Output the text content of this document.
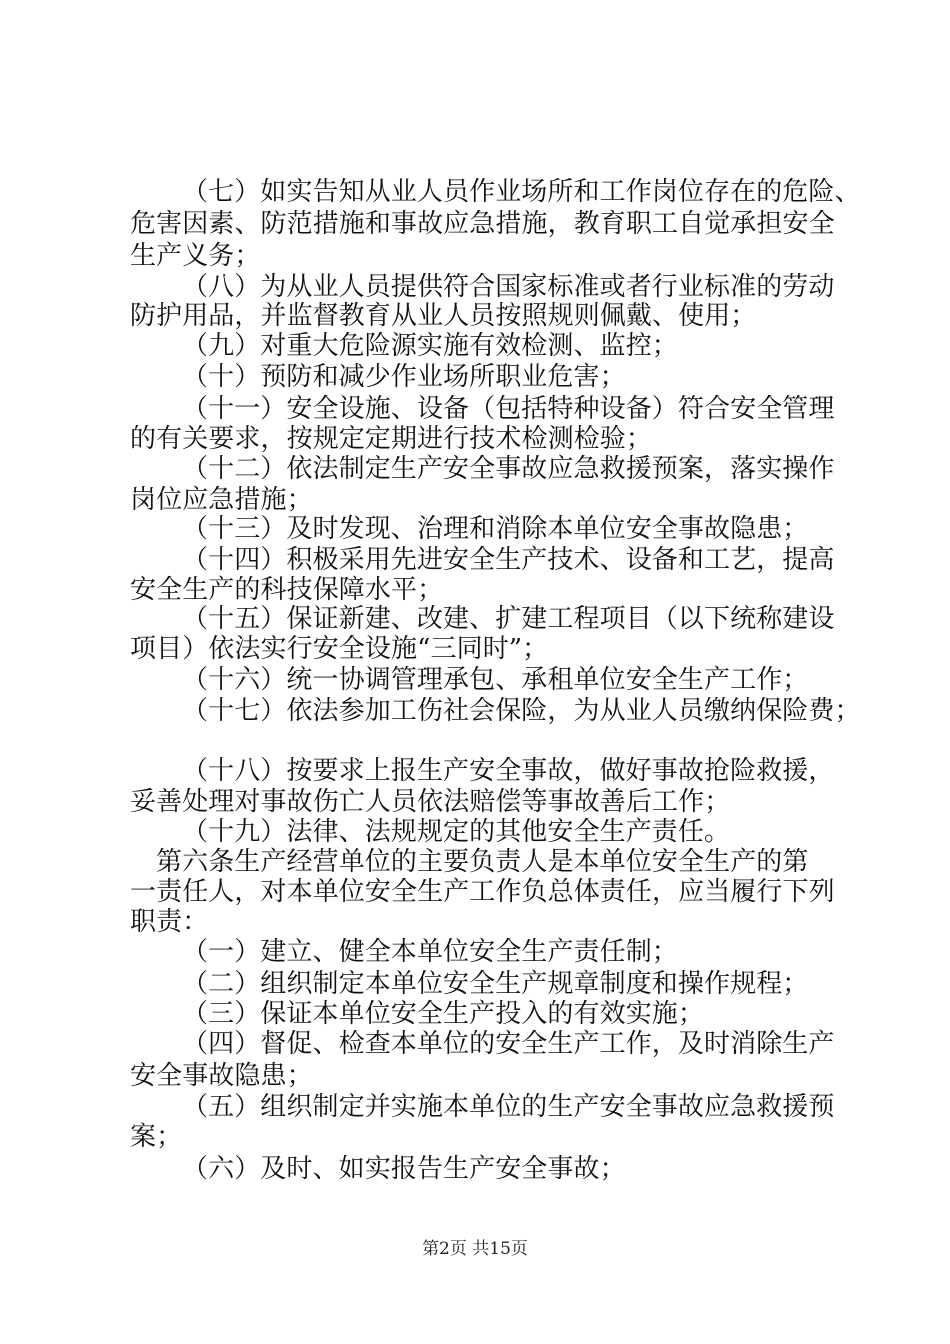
（七）如实告知从业人员作业场所和工作岗位存在的危险、
危害因素、防范措施和事故应急措施，教育职工自觉承担安全
生产义务；
（八）为从业人员提供符合国家标准或者行业标准的劳动
防护用品，并监督教育从业人员按照规则佩戴、使用；
（九）对重大危险源实施有效检测、监控；
（十）预防和减少作业场所职业危害；
（十一）安全设施、设备（包括特种设备）符合安全管理
的有关要求，按规定定期进行技术检测检验；
（十二）依法制定生产安全事故应急救援预案，落实操作
岗位应急措施；
（十三）及时发现、治理和消除本单位安全事故隐患；
（十四）积极采用先进安全生产技术、设备和工艺，提高
安全生产的科技保障水平；
（十五）保证新建、改建、扩建工程项目（以下统称建设
项目）依法实行安全设施“三同时”；
（十六）统一协调管理承包、承租单位安全生产工作；
（十七）依法参加工伤社会保险，为从业人员缴纳保险费；
（十八）按要求上报生产安全事故，做好事故抢险救援，
妥善处理对事故伤亡人员依法赔偿等事故善后工作；
（十九）法律、法规规定的其他安全生产责任。
第六条生产经营单位的主要负责人是本单位安全生产的第
一责任人，对本单位安全生产工作负总体责任，应当履行下列
职责：
（一）建立、健全本单位安全生产责任制；
（二）组织制定本单位安全生产规章制度和操作规程；
（三）保证本单位安全生产投入的有效实施；
（四）督促、检查本单位的安全生产工作，及时消除生产
安全事故隐患；
（五）组织制定并实施本单位的生产安全事故应急救援预
案；
（六）及时、如实报告生产安全事故；
第2页 共15页
